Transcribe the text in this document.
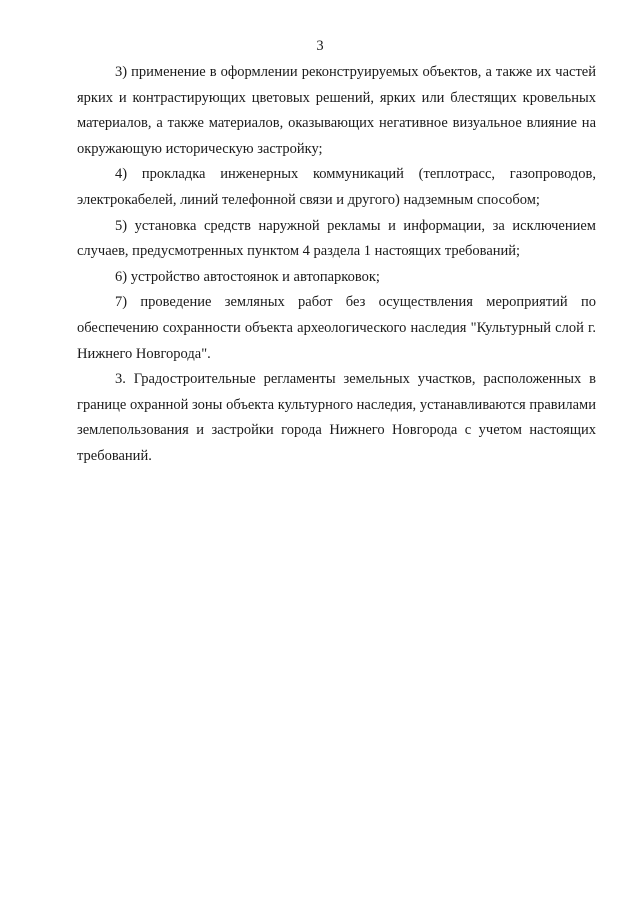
3

3) применение в оформлении реконструируемых объектов, а также их частей ярких и контрастирующих цветовых решений, ярких или блестящих кровельных материалов, а также материалов, оказывающих негативное визуальное влияние на окружающую историческую застройку;

4) прокладка инженерных коммуникаций (теплотрасс, газопроводов, электрокабелей, линий телефонной связи и другого) надземным способом;

5) установка средств наружной рекламы и информации, за исключением случаев, предусмотренных пунктом 4 раздела 1 настоящих требований;

6) устройство автостоянок и автопарковок;

7) проведение земляных работ без осуществления мероприятий по обеспечению сохранности объекта археологического наследия "Культурный слой г. Нижнего Новгорода".

3. Градостроительные регламенты земельных участков, расположенных в границе охранной зоны объекта культурного наследия, устанавливаются правилами землепользования и застройки города Нижнего Новгорода с учетом настоящих требований.
